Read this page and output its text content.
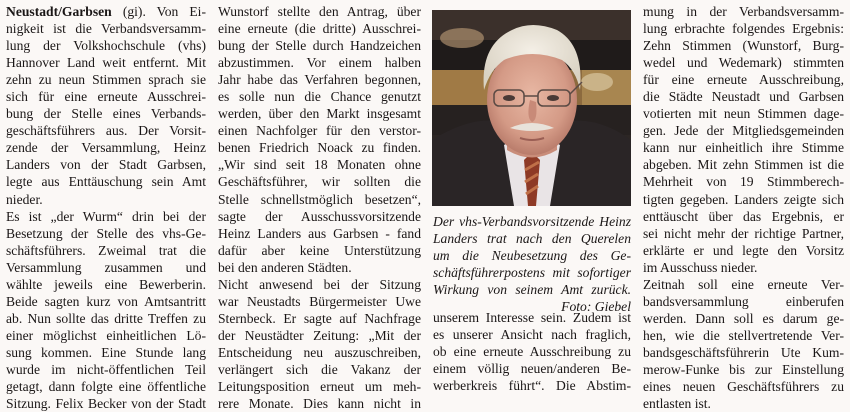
Neustadt/Garbsen (gi). Von Ei-
nigkeit ist die Verbandsversamm-
lung der Volkshochschule (vhs)
Hannover Land weit entfernt. Mit
zehn zu neun Stimmen sprach sie
sich für eine erneute Ausschrei-
bung der Stelle eines Verbands-
geschäftsführers aus. Der Vorsit-
zende der Versammlung, Heinz
Landers von der Stadt Garbsen,
legte aus Enttäuschung sein Amt
nieder.
Es ist „der Wurm“ drin bei der
Besetzung der Stelle des vhs-Ge-
schäftsführers. Zweimal trat die
Versammlung zusammen und
wählte jeweils eine Bewerberin.
Beide sagten kurz von Amtsantritt
ab. Nun sollte das dritte Treffen zu
einer möglichst einheitlichen Lö-
sung kommen. Eine Stunde lang
wurde im nicht-öffentlichen Teil
getagt, dann folgte eine öffentliche
Sitzung. Felix Becker von der Stadt
Wunstorf stellte den Antrag, über
eine erneute (die dritte) Ausschrei-
bung der Stelle durch Handzeichen
abzustimmen. Vor einem halben
Jahr habe das Verfahren begonnen,
es solle nun die Chance genutzt
werden, über den Markt insgesamt
einen Nachfolger für den verstor-
benen Friedrich Noack zu finden.
„Wir sind seit 18 Monaten ohne
Geschäftsführer, wir sollten die
Stelle schnellstmöglich besetzen“,
sagte der Ausschussvorsitzende
Heinz Landers aus Garbsen - fand
dafür aber keine Unterstützung
bei den anderen Städten.
Nicht anwesend bei der Sitzung
war Neustadts Bürgermeister Uwe
Sternbeck. Er sagte auf Nachfrage
der Neustädter Zeitung: „Mit der
Entscheidung neu auszuschreiben,
verlängert sich die Vakanz der
Leitungsposition erneut um meh-
rere Monate. Dies kann nicht in
Der vhs-Verbandsvorsitzende Heinz
Landers trat nach den Querelen
um die Neubesetzung des Ge-
schäftsführerpostens mit sofortiger
Wirkung von seinem Amt zurück.
Foto: Giebel
unserem Interesse sein. Zudem ist
es unserer Ansicht nach fraglich,
ob eine erneute Ausschreibung zu
einem völlig neuen/anderen Be-
werberkreis führt“. Die Abstim-
mung in der Verbandsversamm-
lung erbrachte folgendes Ergebnis:
Zehn Stimmen (Wunstorf, Burg-
wedel und Wedemark) stimmten
für eine erneute Ausschreibung,
die Städte Neustadt und Garbsen
votierten mit neun Stimmen dage-
gen. Jede der Mitgliedsgemeinden
kann nur einheitlich ihre Stimme
abgeben. Mit zehn Stimmen ist die
Mehrheit von 19 Stimmberech-
tigten gegeben. Landers zeigte sich
enttäuscht über das Ergebnis, er
sei nicht mehr der richtige Partner,
erklärte er und legte den Vorsitz
im Ausschuss nieder.
Zeitnah soll eine erneute Ver-
bandsversammlung einberufen
werden. Dann soll es darum ge-
hen, wie die stellvertretende Ver-
bandsgeschäftsführerin Ute Kum-
merow-Funke bis zur Einstellung
eines neuen Geschäftsführers zu
entlasten ist.
